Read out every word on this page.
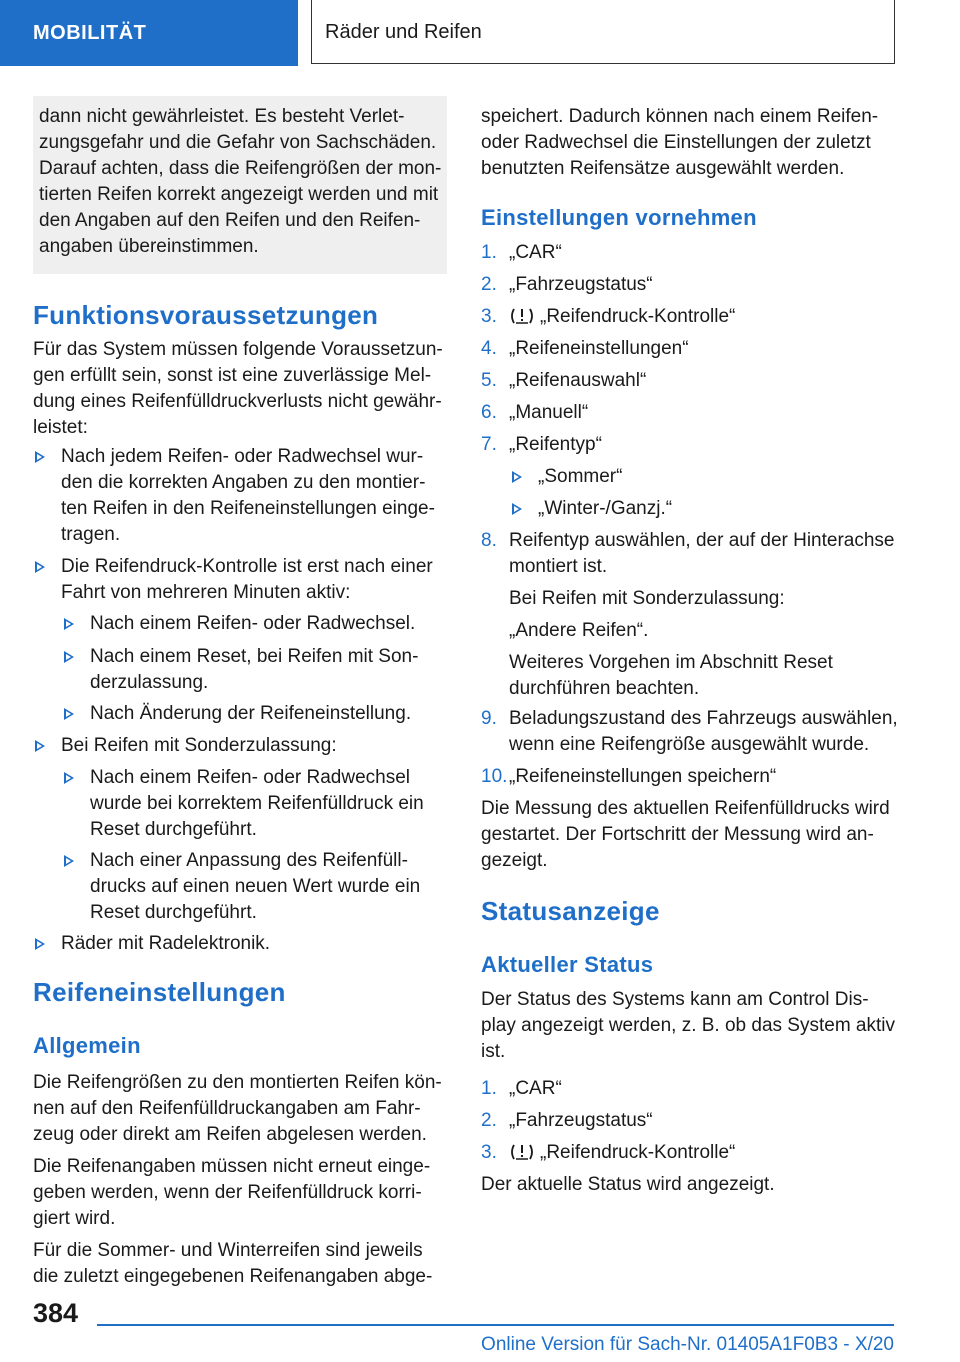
MOBILITÄT	Räder und Reifen

dann nicht gewährleistet. Es besteht Verlet-

zungsgefahr und die Gefahr von Sachschäden.

Darauf achten, dass die Reifengrößen der mon-

tierten Reifen korrekt angezeigt werden und mit

den Angaben auf den Reifen und den Reifen-

angaben übereinstimmen.

Funktionsvoraussetzungen

Für das System müssen folgende Voraussetzun-

gen erfüllt sein, sonst ist eine zuverlässige Mel-

dung eines Reifenfülldruckverlusts nicht gewähr-

leistet:

Nach jedem Reifen- oder Radwechsel wur-

den die korrekten Angaben zu den montier-

ten Reifen in den Reifeneinstellungen einge-

tragen.

Die Reifendruck-Kontrolle ist erst nach einer

Fahrt von mehreren Minuten aktiv:

Nach einem Reifen- oder Radwechsel.

Nach einem Reset, bei Reifen mit Son-

derzulassung.

Nach Änderung der Reifeneinstellung.

Bei Reifen mit Sonderzulassung:

Nach einem Reifen- oder Radwechsel

wurde bei korrektem Reifenfülldruck ein

Reset durchgeführt.

Nach einer Anpassung des Reifenfüll-

drucks auf einen neuen Wert wurde ein

Reset durchgeführt.

Räder mit Radelektronik.

Reifeneinstellungen
Allgemein

Die Reifengrößen zu den montierten Reifen kön-

nen auf den Reifenfülldruckangaben am Fahr-

zeug oder direkt am Reifen abgelesen werden.

Die Reifenangaben müssen nicht erneut einge-

geben werden, wenn der Reifenfülldruck korri-

giert wird.

Für die Sommer- und Winterreifen sind jeweils

die zuletzt eingegebenen Reifenangaben abge-

speichert. Dadurch können nach einem Reifen-

oder Radwechsel die Einstellungen der zuletzt

benutzten Reifensätze ausgewählt werden.

Einstellungen vornehmen
1. „CAR“

2. „Fahrzeugstatus“

3. „Reifendruck-Kontrolle“

4. „Reifeneinstellungen“

5. „Reifenauswahl“

6. „Manuell“

7. „Reifentyp“

„Sommer“

„Winter-/Ganzj.“

8. Reifentyp auswählen, der auf der Hinterachse

montiert ist.

Bei Reifen mit Sonderzulassung:

„Andere Reifen“.

Weiteres Vorgehen im Abschnitt Reset

durchführen beachten.

9. Beladungszustand des Fahrzeugs auswählen,

wenn eine Reifengröße ausgewählt wurde.

10. „Reifeneinstellungen speichern“

Die Messung des aktuellen Reifenfülldrucks wird

gestartet. Der Fortschritt der Messung wird an-

gezeigt.

Statusanzeige
Aktueller Status

Der Status des Systems kann am Control Dis-

play angezeigt werden, z. B. ob das System aktiv

ist.

1. „CAR“

2. „Fahrzeugstatus“

3. „Reifendruck-Kontrolle“

Der aktuelle Status wird angezeigt.

384
Online Version für Sach-Nr. 01405A1F0B3 - X/20
